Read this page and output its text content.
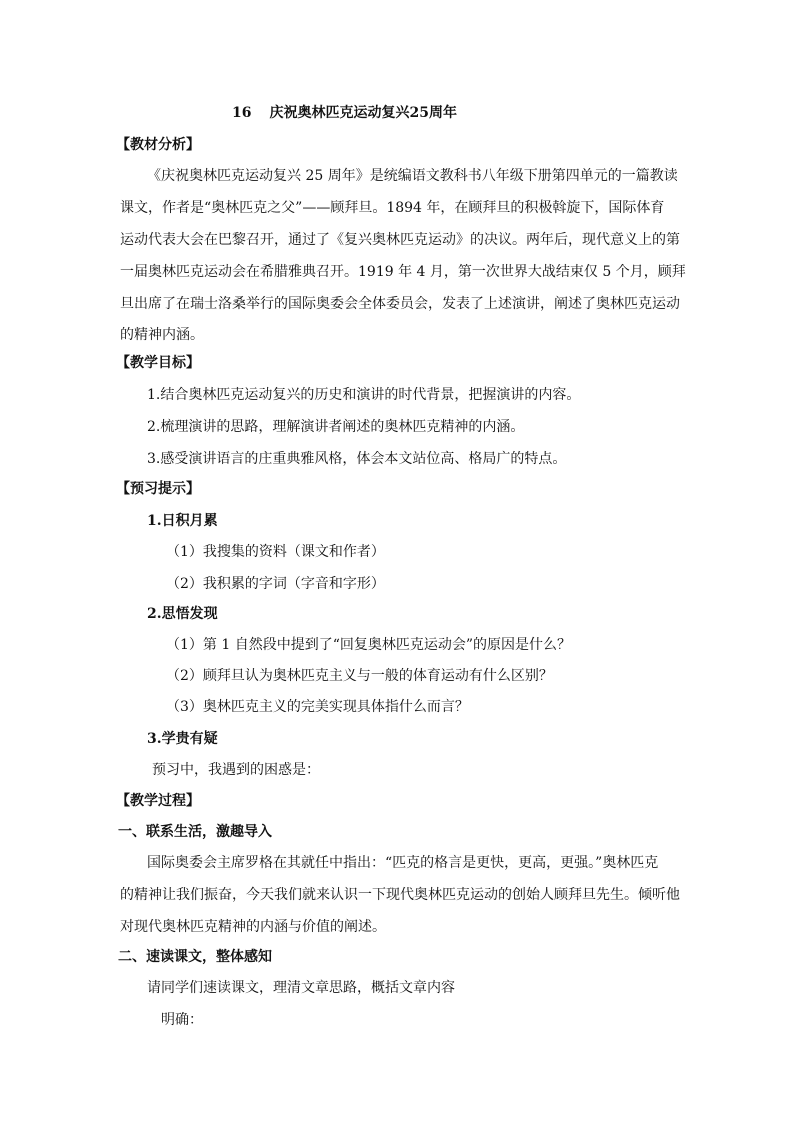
16 庆祝奥林匹克运动复兴25周年
【教材分析】
《庆祝奥林匹克运动复兴 25 周年》是统编语文教科书八年级下册第四单元的一篇教读
课文，作者是“奥林匹克之父”——顾拜旦。1894 年，在顾拜旦的积极斡旋下，国际体育
运动代表大会在巴黎召开，通过了《复兴奥林匹克运动》的决议。两年后，现代意义上的第
一届奥林匹克运动会在希腊雅典召开。1919 年 4 月，第一次世界大战结束仅 5 个月，顾拜
旦出席了在瑞士洛桑举行的国际奥委会全体委员会，发表了上述演讲，阐述了奥林匹克运动
的精神内涵。
【教学目标】
1.结合奥林匹克运动复兴的历史和演讲的时代背景，把握演讲的内容。
2.梳理演讲的思路，理解演讲者阐述的奥林匹克精神的内涵。
3.感受演讲语言的庄重典雅风格，体会本文站位高、格局广的特点。
【预习提示】
1.日积月累
（1）我搜集的资料（课文和作者）
（2）我积累的字词（字音和字形）
2.思悟发现
（1）第 1 自然段中提到了“回复奥林匹克运动会”的原因是什么？
（2）顾拜旦认为奥林匹克主义与一般的体育运动有什么区别？
（3）奥林匹克主义的完美实现具体指什么而言？
3.学贵有疑
预习中，我遇到的困惑是：
【教学过程】
一、联系生活，激趣导入
国际奥委会主席罗格在其就任中指出：“匹克的格言是更快，更高，更强。”奥林匹克
的精神让我们振奋，今天我们就来认识一下现代奥林匹克运动的创始人顾拜旦先生。倾听他
对现代奥林匹克精神的内涵与价值的阐述。
二、速读课文，整体感知
请同学们速读课文，理清文章思路，概括文章内容
明确：
